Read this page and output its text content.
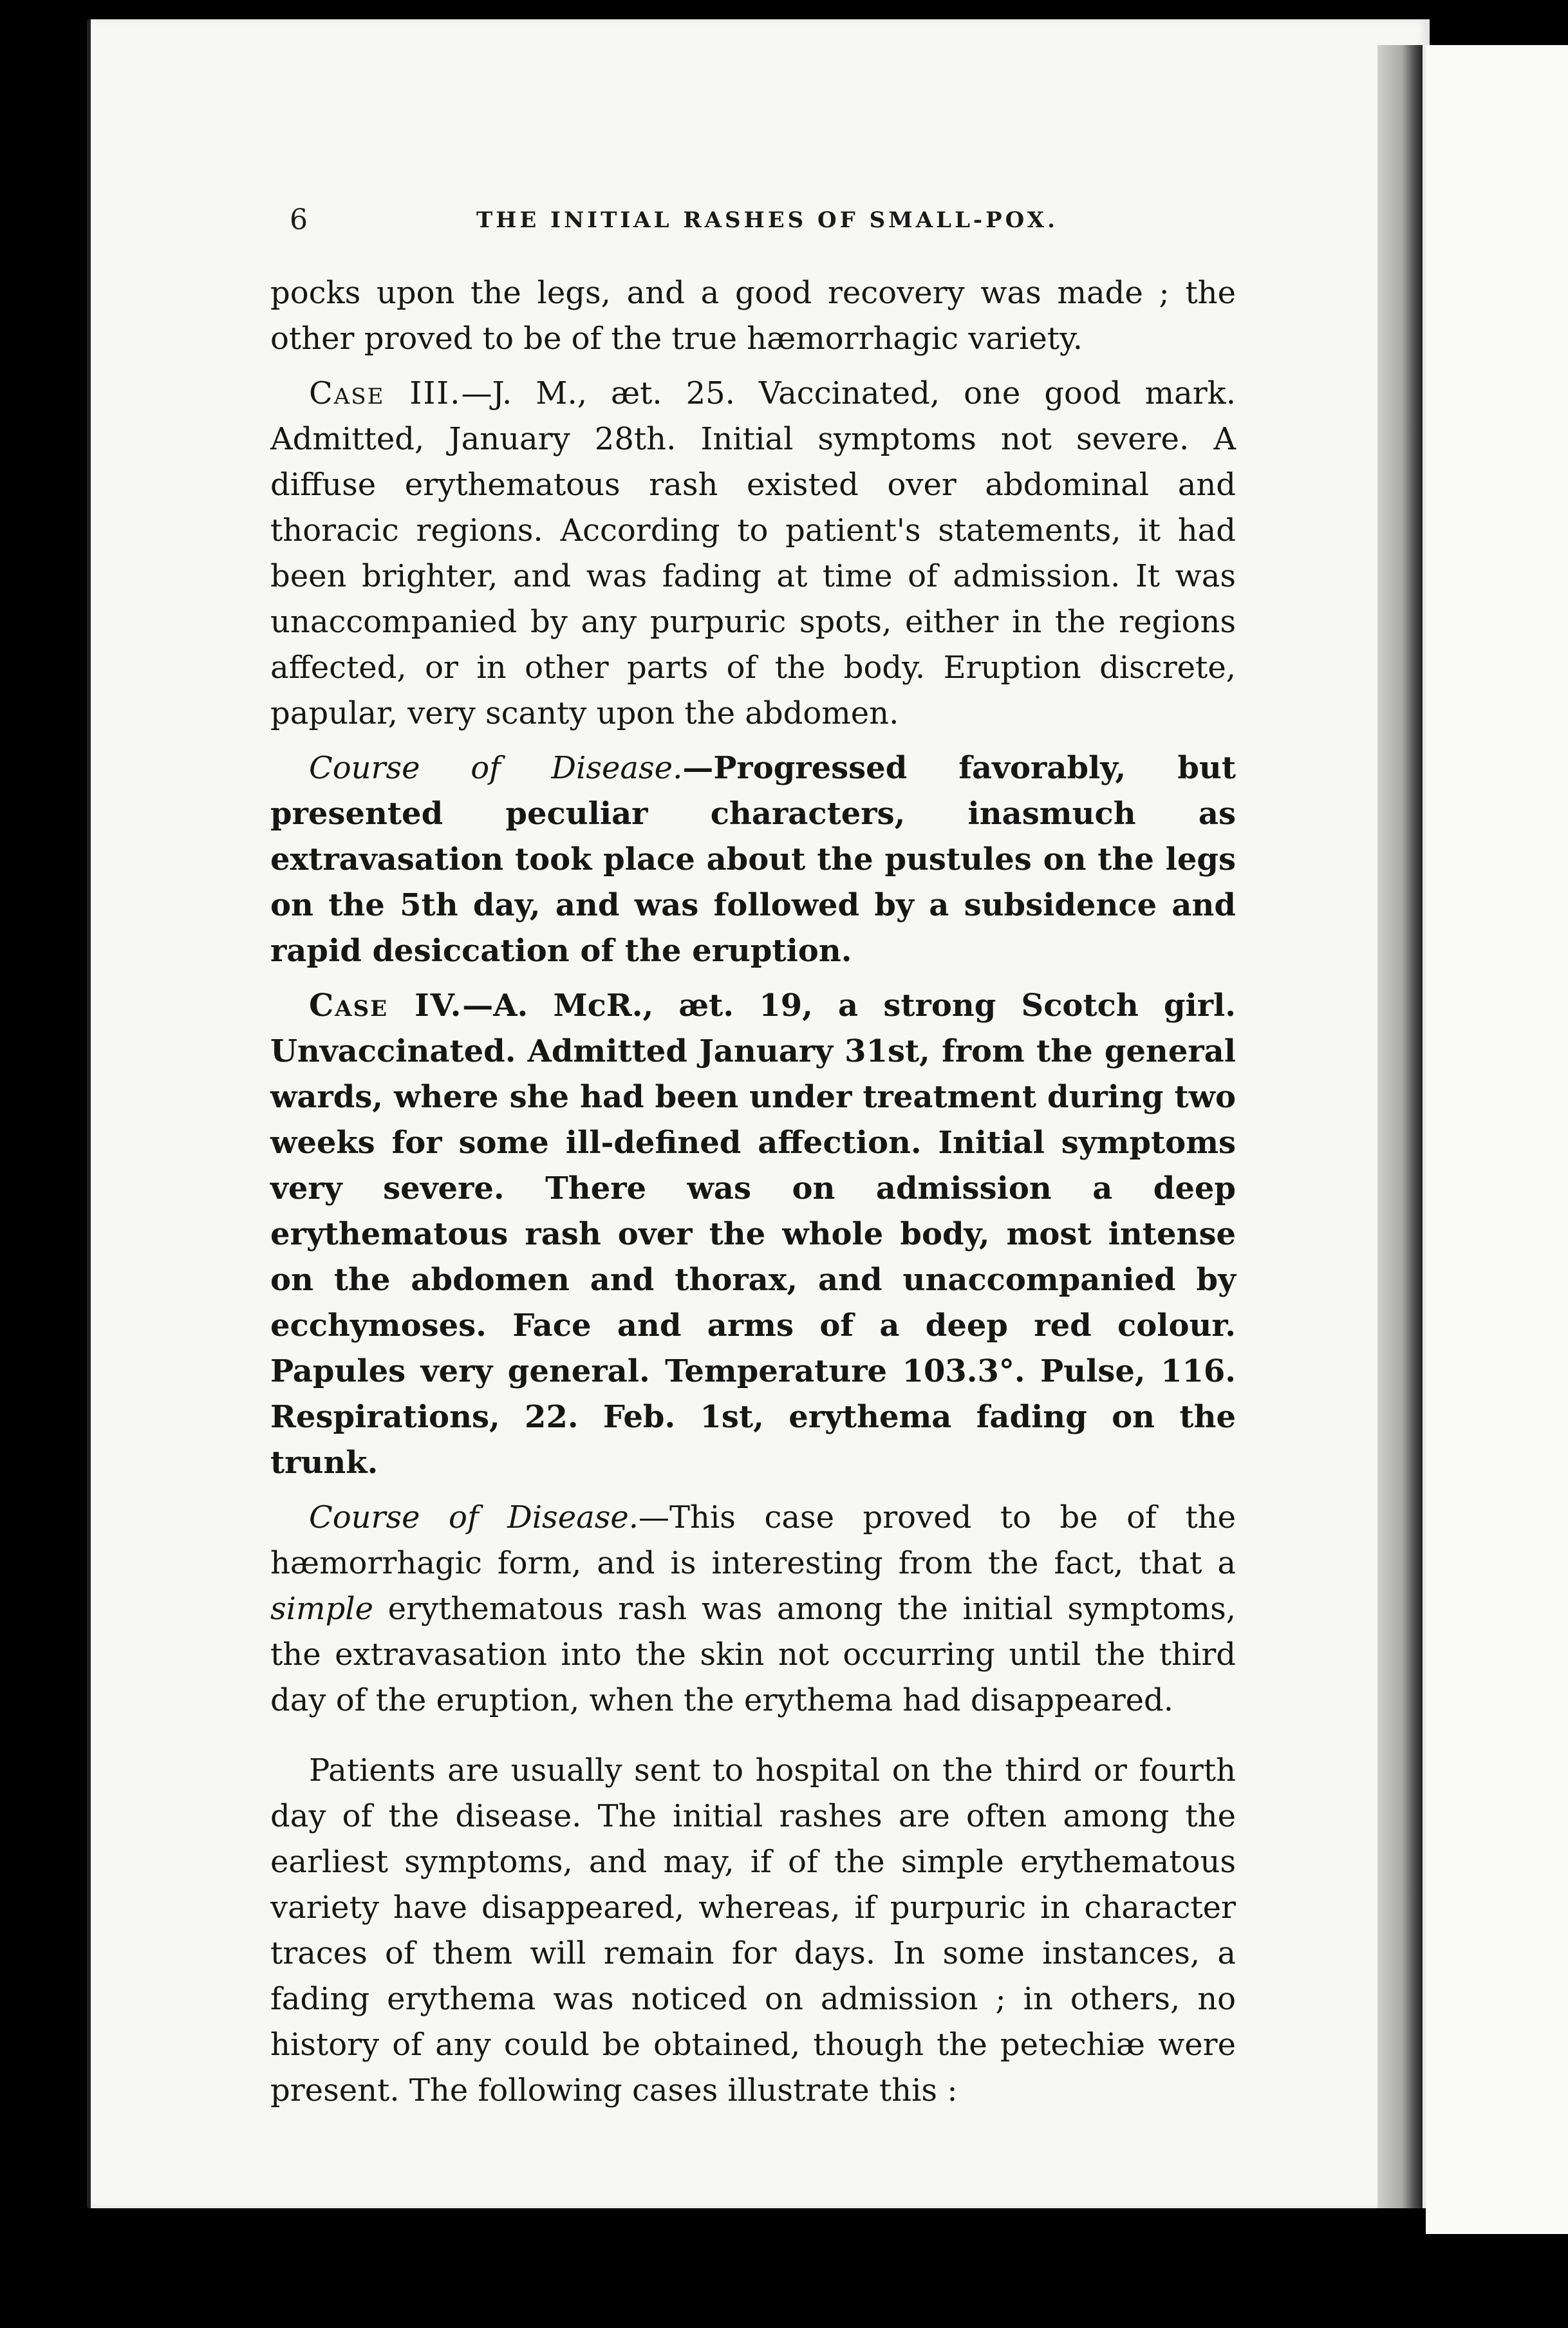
6	THE INITIAL RASHES OF SMALL-POX.

pocks upon the legs, and a good recovery was made ; the other proved to be of the true hæmorrhagic variety.

Case III.—J. M., æt. 25. Vaccinated, one good mark. Admitted, January 28th. Initial symptoms not severe. A diffuse erythematous rash existed over abdominal and thoracic regions. According to patient's statements, it had been brighter, and was fading at time of admission. It was unaccompanied by any purpuric spots, either in the regions affected, or in other parts of the body. Eruption discrete, papular, very scanty upon the abdomen.

Course of Disease.—Progressed favorably, but presented peculiar characters, inasmuch as extravasation took place about the pustules on the legs on the 5th day, and was followed by a subsidence and rapid desiccation of the eruption.

Case IV.—A. McR., æt. 19, a strong Scotch girl. Unvaccinated. Admitted January 31st, from the general wards, where she had been under treatment during two weeks for some ill-defined affection. Initial symptoms very severe. There was on admission a deep erythematous rash over the whole body, most intense on the abdomen and thorax, and unaccompanied by ecchymoses. Face and arms of a deep red colour. Papules very general. Temperature 103.3°. Pulse, 116. Respirations, 22. Feb. 1st, erythema fading on the trunk.

Course of Disease.—This case proved to be of the hæmorrhagic form, and is interesting from the fact, that a simple erythematous rash was among the initial symptoms, the extravasation into the skin not occurring until the third day of the eruption, when the erythema had disappeared.

Patients are usually sent to hospital on the third or fourth day of the disease. The initial rashes are often among the earliest symptoms, and may, if of the simple erythematous variety have disappeared, whereas, if purpuric in character traces of them will remain for days. In some instances, a fading erythema was noticed on admission ; in others, no history of any could be obtained, though the petechiæ were present. The following cases illustrate this :
